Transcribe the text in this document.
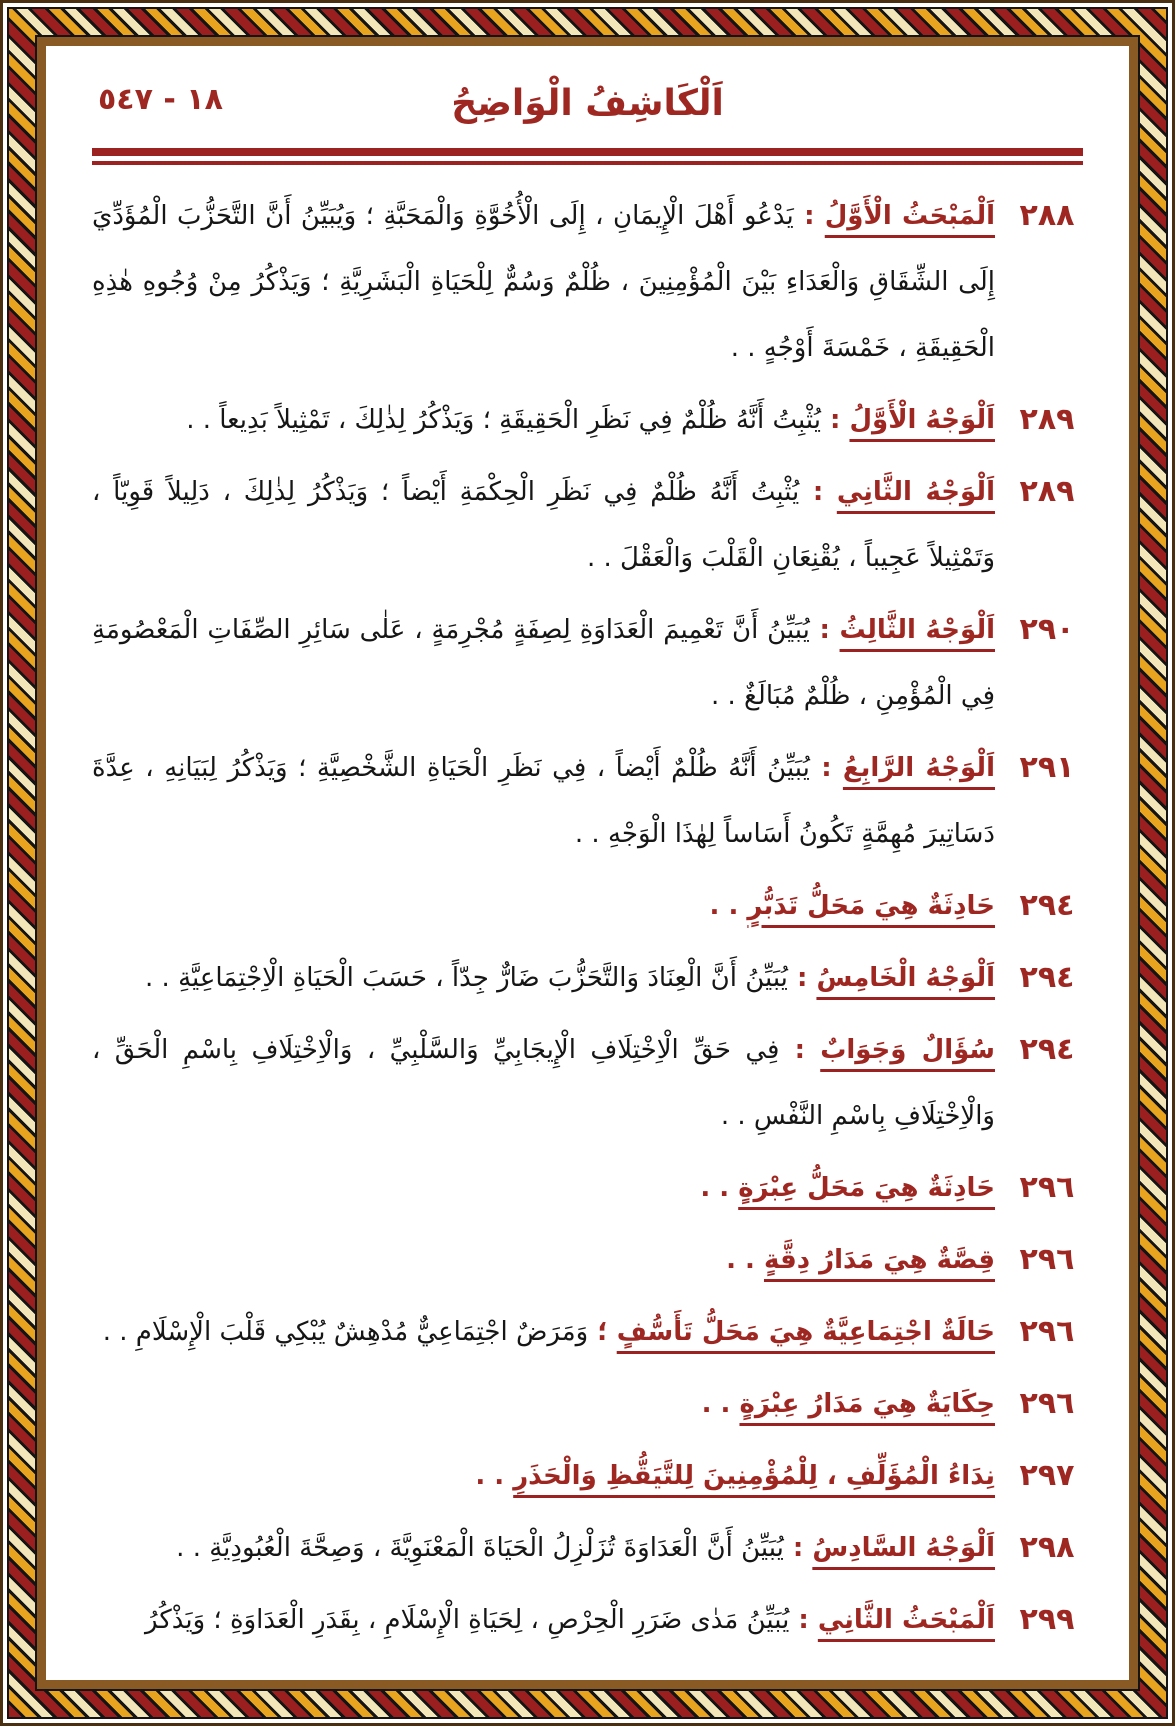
١٨ - ٥٤٧	اَلْكَاشِفُ الْوَاضِحُ
٢٨٨
اَلْمَبْحَثُ الْأَوَّلُ : يَدْعُو أَهْلَ الْإِيمَانِ ، إِلَى الْأُخُوَّةِ وَالْمَحَبَّةِ ؛ وَيُبَيِّنُ أَنَّ التَّحَزُّبَ الْمُؤَدِّيَ إِلَى الشِّقَاقِ وَالْعَدَاءِ بَيْنَ الْمُؤْمِنِينَ ، ظُلْمٌ وَسُمٌّ لِلْحَيَاةِ الْبَشَرِيَّةِ ؛ وَيَذْكُرُ مِنْ وُجُوهِ هٰذِهِ الْحَقِيقَةِ ، خَمْسَةَ أَوْجُهٍ . .
٢٨٩
اَلْوَجْهُ الْأَوَّلُ : يُثْبِتُ أَنَّهُ ظُلْمٌ فِي نَظَرِ الْحَقِيقَةِ ؛ وَيَذْكُرُ لِذٰلِكَ ، تَمْثِيلاً بَدِيعاً . .
٢٨٩
اَلْوَجْهُ الثَّانِي : يُثْبِتُ أَنَّهُ ظُلْمٌ فِي نَظَرِ الْحِكْمَةِ أَيْضاً ؛ وَيَذْكُرُ لِذٰلِكَ ، دَلِيلاً قَوِيّاً ، وَتَمْثِيلاً عَجِيباً ، يُقْنِعَانِ الْقَلْبَ وَالْعَقْلَ . .
٢٩٠
اَلْوَجْهُ الثَّالِثُ : يُبَيِّنُ أَنَّ تَعْمِيمَ الْعَدَاوَةِ لِصِفَةٍ مُجْرِمَةٍ ، عَلٰى سَائِرِ الصِّفَاتِ الْمَعْصُومَةِ فِي الْمُؤْمِنِ ، ظُلْمٌ مُبَالَغٌ . .
٢٩١
اَلْوَجْهُ الرَّابِعُ : يُبَيِّنُ أَنَّهُ ظُلْمٌ أَيْضاً ، فِي نَظَرِ الْحَيَاةِ الشَّخْصِيَّةِ ؛ وَيَذْكُرُ لِبَيَانِهِ ، عِدَّةَ دَسَاتِيرَ مُهِمَّةٍ تَكُونُ أَسَاساً لِهٰذَا الْوَجْهِ . .
٢٩٤
حَادِثَةٌ هِيَ مَحَلُّ تَدَبُّرٍ . .
٢٩٤
اَلْوَجْهُ الْخَامِسُ : يُبَيِّنُ أَنَّ الْعِنَادَ وَالتَّحَزُّبَ ضَارٌّ جِدّاً ، حَسَبَ الْحَيَاةِ الْاِجْتِمَاعِيَّةِ . .
٢٩٤
سُؤَالٌ وَجَوَابٌ : فِي حَقِّ الْاِخْتِلَافِ الْإِيجَابِيِّ وَالسَّلْبِيِّ ، وَالْاِخْتِلَافِ بِاسْمِ الْحَقِّ ، وَالْاِخْتِلَافِ بِاسْمِ النَّفْسِ . .
٢٩٦
حَادِثَةٌ هِيَ مَحَلُّ عِبْرَةٍ . .
٢٩٦
قِصَّةٌ هِيَ مَدَارُ دِقَّةٍ . .
٢٩٦
حَالَةٌ اجْتِمَاعِيَّةٌ هِيَ مَحَلُّ تَأَسُّفٍ ؛ وَمَرَضٌ اجْتِمَاعِيٌّ مُدْهِشٌ يُبْكِي قَلْبَ الْإِسْلَامِ . .
٢٩٦
حِكَايَةٌ هِيَ مَدَارُ عِبْرَةٍ . .
٢٩٧
نِدَاءُ الْمُؤَلِّفِ ، لِلْمُؤْمِنِينَ لِلتَّيَقُّظِ وَالْحَذَرِ . .
٢٩٨
اَلْوَجْهُ السَّادِسُ : يُبَيِّنُ أَنَّ الْعَدَاوَةَ تُزَلْزِلُ الْحَيَاةَ الْمَعْنَوِيَّةَ ، وَصِحَّةَ الْعُبُودِيَّةِ . .
٢٩٩
اَلْمَبْحَثُ الثَّانِي : يُبَيِّنُ مَدٰى ضَرَرِ الْحِرْصِ ، لِحَيَاةِ الْإِسْلَامِ ، بِقَدَرِ الْعَدَاوَةِ ؛ وَيَذْكُرُ
